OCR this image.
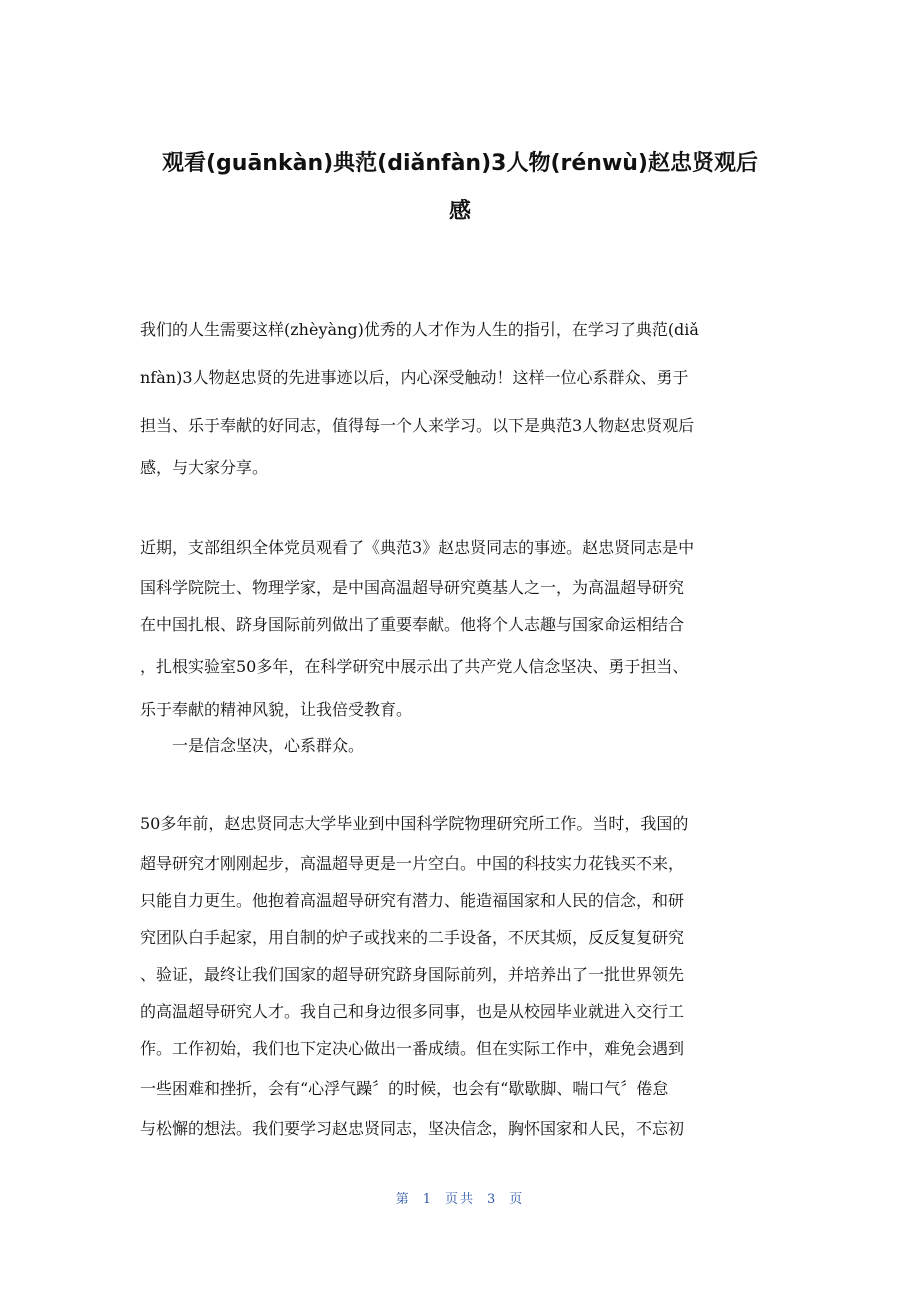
观看(guānkàn)典范(diǎnfàn)3人物(rénwù)赵忠贤观后
感
我们的人生需要这样(zhèyàng)优秀的人才作为人生的指引，在学习了典范(diǎ
nfàn)3人物赵忠贤的先进事迹以后，内心深受触动！这样一位心系群众、勇于
担当、乐于奉献的好同志，值得每一个人来学习。以下是典范3人物赵忠贤观后
感，与大家分享。
近期，支部组织全体党员观看了《典范3》赵忠贤同志的事迹。赵忠贤同志是中
国科学院院士、物理学家，是中国高温超导研究奠基人之一，为高温超导研究
在中国扎根、跻身国际前列做出了重要奉献。他将个人志趣与国家命运相结合
，扎根实验室50多年，在科学研究中展示出了共产党人信念坚决、勇于担当、
乐于奉献的精神风貌，让我倍受教育。
　　一是信念坚决，心系群众。
50多年前，赵忠贤同志大学毕业到中国科学院物理研究所工作。当时，我国的
超导研究才刚刚起步，高温超导更是一片空白。中国的科技实力花钱买不来，
只能自力更生。他抱着高温超导研究有潜力、能造福国家和人民的信念，和研
究团队白手起家，用自制的炉子或找来的二手设备，不厌其烦，反反复复研究
、验证，最终让我们国家的超导研究跻身国际前列，并培养出了一批世界领先
的高温超导研究人才。我自己和身边很多同事，也是从校园毕业就进入交行工
作。工作初始，我们也下定决心做出一番成绩。但在实际工作中，难免会遇到
一些困难和挫折，会有“心浮气躁〞的时候，也会有“歇歇脚、喘口气〞倦怠
与松懈的想法。我们要学习赵忠贤同志，坚决信念，胸怀国家和人民，不忘初
第 1 页共 3 页
